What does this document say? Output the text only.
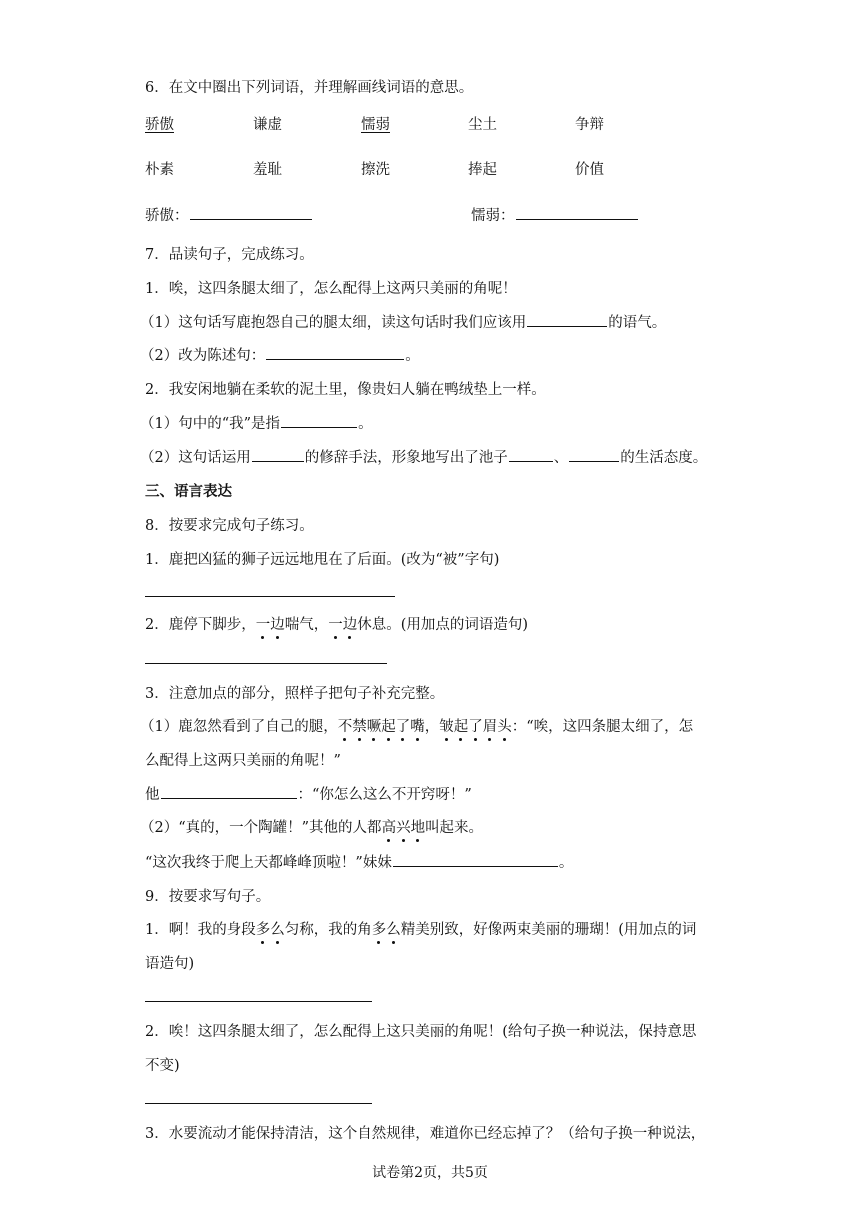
6．在文中圈出下列词语，并理解画线词语的意思。
骄傲	谦虚	懦弱	尘土	争辩
朴素	羞耻	擦洗	捧起	价值
骄傲：	懦弱：
7．品读句子，完成练习。
1．唉，这四条腿太细了，怎么配得上这两只美丽的角呢！
（1）这句话写鹿抱怨自己的腿太细，读这句话时我们应该用	的语气。
（2）改为陈述句：	。
2．我安闲地躺在柔软的泥土里，像贵妇人躺在鸭绒垫上一样。
（1）句中的“我”是指	。
（2）这句话运用	的修辞手法，形象地写出了池子	、	的生活态度。
三、语言表达
8．按要求完成句子练习。
1．鹿把凶猛的狮子远远地甩在了后面。(改为“被”字句)
2．鹿停下脚步，一边喘气，一边休息。(用加点的词语造句)
3．注意加点的部分，照样子把句子补充完整。
（1）鹿忽然看到了自己的腿，不禁噘起了嘴，皱起了眉头：“唉，这四条腿太细了，怎
么配得上这两只美丽的角呢！”
他	：“你怎么这么不开窍呀！”
（2）“真的，一个陶罐！”其他的人都高兴地叫起来。
“这次我终于爬上天都峰峰顶啦！”妹妹	。
9．按要求写句子。
1．啊！我的身段多么匀称，我的角多么精美别致，好像两束美丽的珊瑚！(用加点的词
语造句)
2．唉！这四条腿太细了，怎么配得上这只美丽的角呢！(给句子换一种说法，保持意思
不变)
3．水要流动才能保持清洁，这个自然规律，难道你已经忘掉了？（给句子换一种说法，
试卷第2页，共5页
